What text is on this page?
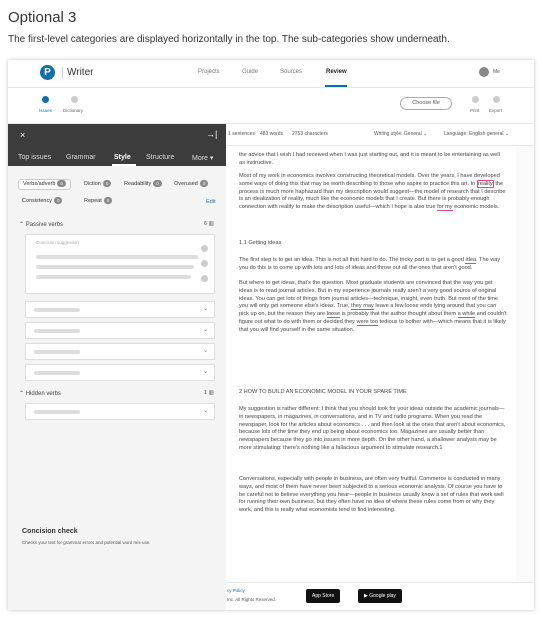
Optional 3
The first-level categories are displayed horizontally in the top. The sub-categories show underneath.
P	Writer	Projects	Guide	Sources	Review	Me
Issues Dictionary
Choose file
Print Export
×	→|
Top issues Grammar	Style Structure	More ▾
Verbs/adverb 6	Diction 0	Readability 0	Overused 0
Consistency 0	Repeat 0	Edit
⌃ Passive verbs	6 ▥
Concision suggestion
⌄
⌄
⌄
⌄
⌃ Hidden verbs	1 ▥
⌄
Concision check
Checks your text for grammar errors and potential word mis-use.
1 sentences 483 words 2753 characters	Writing style: General ⌄	Language: English general ⌄
the advice that I wish I had received when I was just starting out, and it is meant to be entertaining as well as instructive.
Most of my work in economics involves constructing theoretical models. Over the years, I have developed some ways of doing this that may be worth describing to those who aspire to practice this art. In reality the process is much more haphazard than my description would suggest—the model of research that I describe is an idealization of reality, much like the economic models that I create. But there is probably enough connection with reality to make the description useful—which I hope is also true for my economic models.
1.1 Getting ideas
The first step is to get an idea. This is not all that hard to do. The tricky part is to get a good idea. The way you do this is to come up with lots and lots of ideas and throw out all the ones that aren't good.
But where to get ideas, that's the question. Most graduate students are convinced that the way you get ideas is to read journal articles. But in my experience journals really aren't a very good source of original ideas. You can get lots of things from journal articles—technique, insight, even truth. But most of the time you will only get someone else's ideas. True, they may leave a few loose ends lying around that you can pick up on, but the reason they are loose is probably that the author thought about them a while and couldn't figure out what to do with them or decided they were too tedious to bother with—which means that it is likely that you will find yourself in the same situation.
2 HOW TO BUILD AN ECONOMIC MODEL IN YOUR SPARE TIME
My suggestion is rather different: I think that you should look for your ideas outside the academic journals—in newspapers, in magazines, in conversations, and in TV and radio programs. When you read the newspaper, look for the articles about economics . . . and then look at the ones that aren't about economics, because lots of the time they end up being about economics too. Magazines are usually better than newspapers because they go into issues in more depth. On the other hand, a shallower analysis may be more stimulating: there's nothing like a fallacious argument to stimulate research.1
Conversations, especially with people in business, are often very fruitful. Commerce is conducted in many ways, and most of them have never been subjected to a serious economic analysis. Of course you have to be careful not to believe everything you hear—people in business usually know a set of rules that work well for running their own business, but they often have no idea of where these rules come from or why they work, and this is really what economists tend to find interesting.
cy Policy
Inc. All Rights Reserved.
App Store	▶ Google play
